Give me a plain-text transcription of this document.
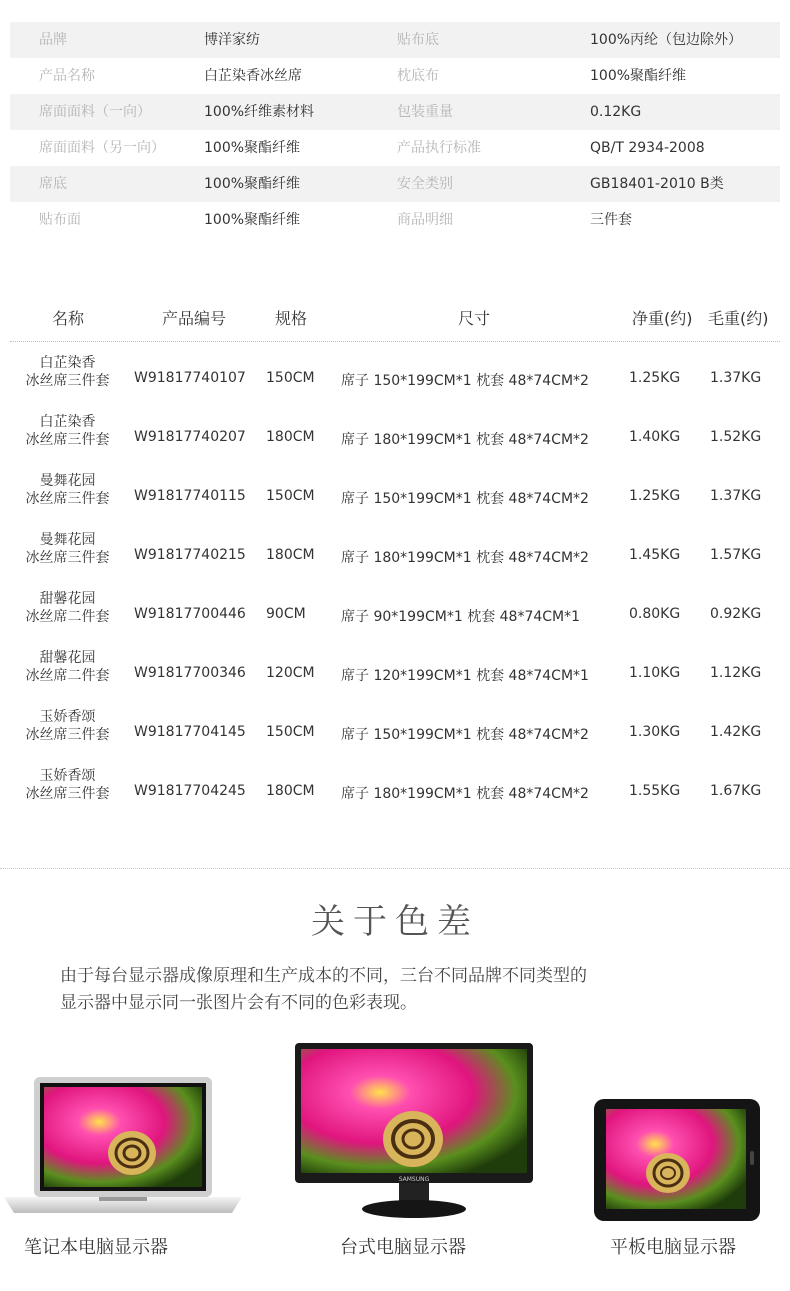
品牌	博洋家纺	贴布底	100%丙纶（包边除外）
产品名称	白芷染香冰丝席	枕底布	100%聚酯纤维
席面面料（一向）	100%纤维素材料	包装重量	0.12KG
席面面料（另一向）	100%聚酯纤维	产品执行标准	QB/T 2934-2008
席底	100%聚酯纤维	安全类别	GB18401-2010 B类
贴布面	100%聚酯纤维	商品明细	三件套
名称	产品编号	规格	尺寸	净重(约) 毛重(约)
白芷染香
冰丝席三件套	W91817740107 150CM 席子 150*199CM*1 枕套 48*74CM*2	1.25KG 1.37KG
白芷染香
冰丝席三件套	W91817740207 180CM 席子 180*199CM*1 枕套 48*74CM*2	1.40KG 1.52KG
曼舞花园
冰丝席三件套	W91817740115 150CM 席子 150*199CM*1 枕套 48*74CM*2	1.25KG 1.37KG
曼舞花园
冰丝席三件套	W91817740215 180CM 席子 180*199CM*1 枕套 48*74CM*2	1.45KG 1.57KG
甜馨花园
冰丝席二件套	W91817700446 90CM	席子 90*199CM*1 枕套 48*74CM*1	0.80KG 0.92KG
甜馨花园
冰丝席二件套	W91817700346 120CM 席子 120*199CM*1 枕套 48*74CM*1	1.10KG 1.12KG
玉娇香颂
冰丝席三件套	W91817704145 150CM 席子 150*199CM*1 枕套 48*74CM*2	1.30KG 1.42KG
玉娇香颂
冰丝席三件套	W91817704245 180CM 席子 180*199CM*1 枕套 48*74CM*2	1.55KG 1.67KG
关于色差
由于每台显示器成像原理和生产成本的不同，三台不同品牌不同类型的
显示器中显示同一张图片会有不同的色彩表现。
SAMSUNG
笔记本电脑显示器	台式电脑显示器	平板电脑显示器
